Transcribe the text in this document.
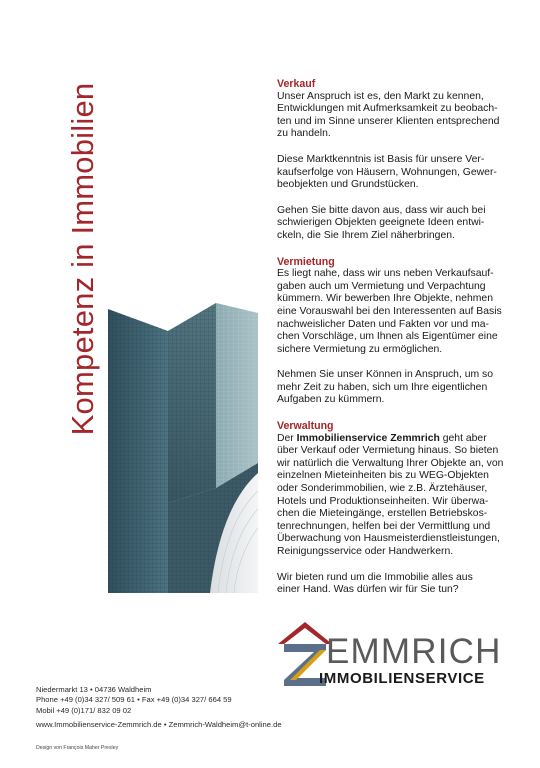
Kompetenz in Immobilien	Verkauf
Unser Anspruch ist es, den Markt zu kennen,
Entwicklungen mit Aufmerksamkeit zu beobach-
ten und im Sinne unserer Klienten entsprechend
zu handeln.
Diese Marktkenntnis ist Basis für unsere Ver-
kaufserfolge von Häusern, Wohnungen, Gewer-
beobjekten und Grundstücken.
Gehen Sie bitte davon aus, dass wir auch bei
schwierigen Objekten geeignete Ideen entwi-
ckeln, die Sie Ihrem Ziel näherbringen.
Vermietung
Es liegt nahe, dass wir uns neben Verkaufsauf-
gaben auch um Vermietung und Verpachtung
kümmern. Wir bewerben Ihre Objekte, nehmen
eine Vorauswahl bei den Interessenten auf Basis
nachweislicher Daten und Fakten vor und ma-
chen Vorschläge, um Ihnen als Eigentümer eine
sichere Vermietung zu ermöglichen.
Nehmen Sie unser Können in Anspruch, um so
mehr Zeit zu haben, sich um Ihre eigentlichen
Aufgaben zu kümmern.
Verwaltung
Der Immobilienservice Zemmrich geht aber
über Verkauf oder Vermietung hinaus. So bieten
wir natürlich die Verwaltung Ihrer Objekte an, von
einzelnen Mieteinheiten bis zu WEG-Objekten
oder Sonderimmobilien, wie z.B. Ärztehäuser,
Hotels und Produktionseinheiten. Wir überwa-
chen die Mieteingänge, erstellen Betriebskos-
tenrechnungen, helfen bei der Vermittlung und
Überwachung von Hausmeisterdienstleistungen,
Reinigungsservice oder Handwerkern.
Wir bieten rund um die Immobilie alles aus
einer Hand. Was dürfen wir für Sie tun?
EMMRICH
IMMOBILIENSERVICE
Niedermarkt 13 • 04736 Waldheim
Phone +49 (0)34 327/ 509 61 • Fax +49 (0)34 327/ 664 59
Mobil +49 (0)171/ 832 09 02
www.Immobilienservice-Zemmrich.de • Zemmrich-Waldheim@t-online.de
Design von François Maher Presley
